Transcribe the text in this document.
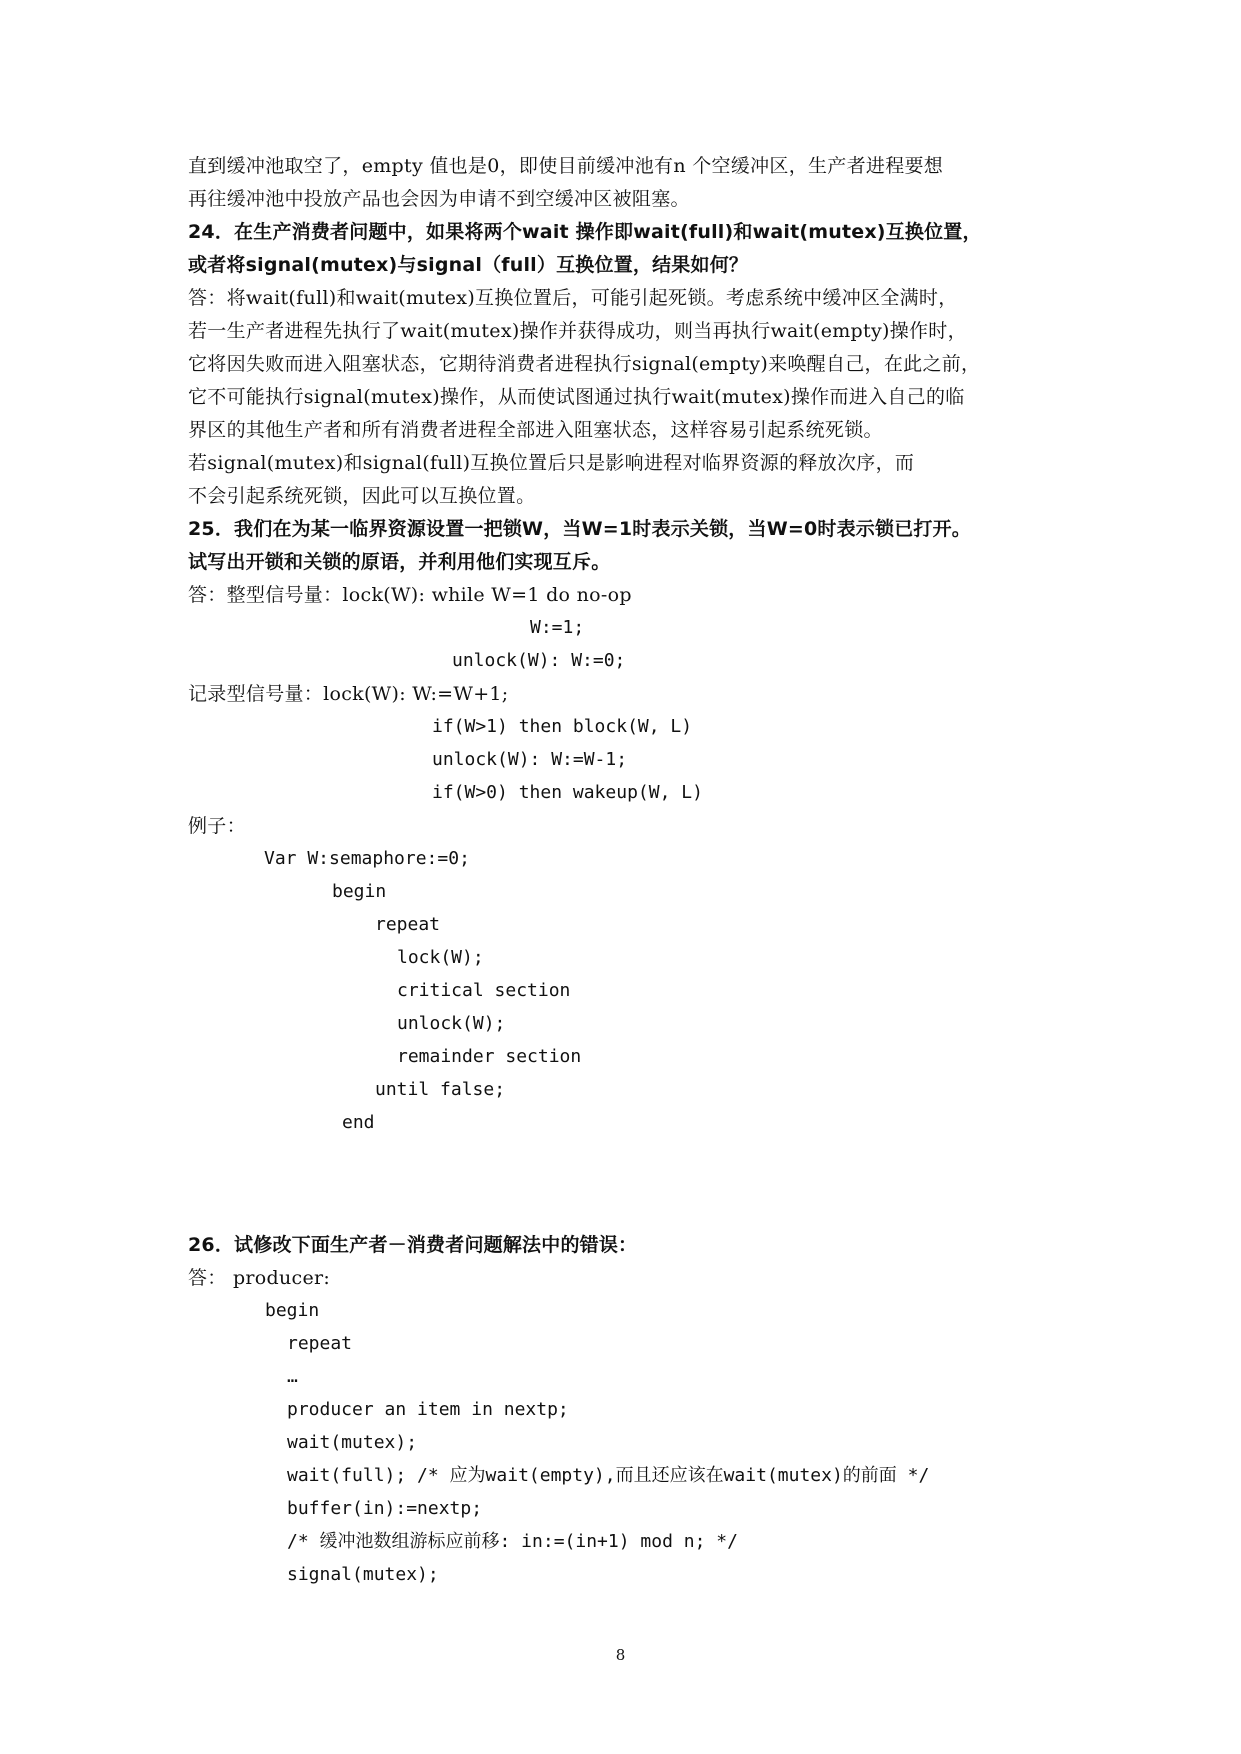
直到缓冲池取空了，empty 值也是0，即使目前缓冲池有n 个空缓冲区，生产者进程要想
再往缓冲池中投放产品也会因为申请不到空缓冲区被阻塞。
24．在生产消费者问题中，如果将两个wait 操作即wait(full)和wait(mutex)互换位置，
或者将signal(mutex)与signal（full）互换位置，结果如何？
答：将wait(full)和wait(mutex)互换位置后，可能引起死锁。考虑系统中缓冲区全满时，
若一生产者进程先执行了wait(mutex)操作并获得成功，则当再执行wait(empty)操作时，
它将因失败而进入阻塞状态，它期待消费者进程执行signal(empty)来唤醒自己，在此之前，
它不可能执行signal(mutex)操作，从而使试图通过执行wait(mutex)操作而进入自己的临
界区的其他生产者和所有消费者进程全部进入阻塞状态，这样容易引起系统死锁。
若signal(mutex)和signal(full)互换位置后只是影响进程对临界资源的释放次序，而
不会引起系统死锁，因此可以互换位置。
25．我们在为某一临界资源设置一把锁W，当W=1时表示关锁，当W=0时表示锁已打开。
试写出开锁和关锁的原语，并利用他们实现互斥。
答：整型信号量：lock(W): while W=1 do no-op
W:=1;
unlock(W): W:=0;
记录型信号量：lock(W): W:=W+1;
if(W>1) then block(W, L)
unlock(W): W:=W-1;
if(W>0) then wakeup(W, L)
例子：
Var W:semaphore:=0;
begin
repeat
lock(W);
critical section
unlock(W);
remainder section
until false;
end
26．试修改下面生产者－消费者问题解法中的错误：
答： producer:
begin
repeat
…
producer an item in nextp;
wait(mutex);
wait(full); /* 应为wait(empty),而且还应该在wait(mutex)的前面 */
buffer(in):=nextp;
/* 缓冲池数组游标应前移: in:=(in+1) mod n; */
signal(mutex);
8
